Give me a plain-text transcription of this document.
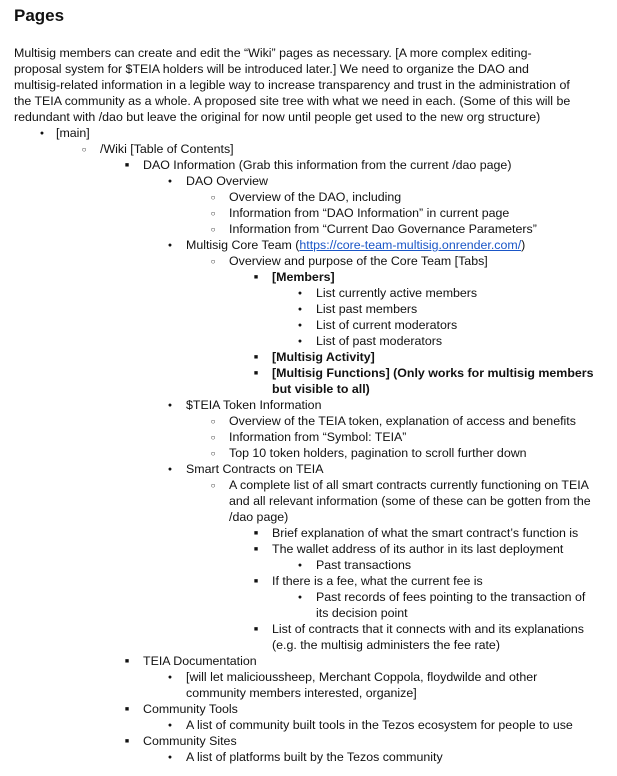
Pages
Multisig members can create and edit the “Wiki” pages as necessary. [A more complex editing-proposal system for $TEIA holders will be introduced later.] We need to organize the DAO and multisig-related information in a legible way to increase transparency and trust in the administration of the TEIA community as a whole. A proposed site tree with what we need in each. (Some of this will be redundant with /dao but leave the original for now until people get used to the new org structure)
●
[main]
○
/Wiki [Table of Contents]
■
DAO Information (Grab this information from the current /dao page)
●
DAO Overview
○
Overview of the DAO, including
○
Information from “DAO Information” in current page
○
Information from “Current Dao Governance Parameters”
●
Multisig Core Team (https://core-team-multisig.onrender.com/)
○
Overview and purpose of the Core Team [Tabs]
■
[Members]
●
List currently active members
●
List past members
●
List of current moderators
●
List of past moderators
■
[Multisig Activity]
■
[Multisig Functions] (Only works for multisig members but visible to all)
●
$TEIA Token Information
○
Overview of the TEIA token, explanation of access and benefits
○
Information from “Symbol: TEIA”
○
Top 10 token holders, pagination to scroll further down
●
Smart Contracts on TEIA
○
A complete list of all smart contracts currently functioning on TEIA and all relevant information (some of these can be gotten from the /dao page)
■
Brief explanation of what the smart contract’s function is
■
The wallet address of its author in its last deployment
●
Past transactions
■
If there is a fee, what the current fee is
●
Past records of fees pointing to the transaction of its decision point
■
List of contracts that it connects with and its explanations (e.g. the multisig administers the fee rate)
■
TEIA Documentation
●
[will let malicioussheep, Merchant Coppola, floydwilde and other community members interested, organize]
■
Community Tools
●
A list of community built tools in the Tezos ecosystem for people to use
■
Community Sites
●
A list of platforms built by the Tezos community
